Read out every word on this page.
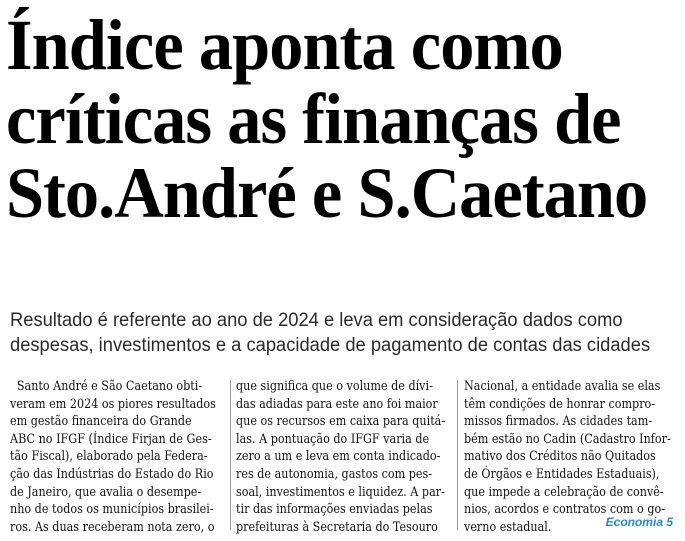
Índice aponta como
críticas as finanças de
Sto.André e S.Caetano
Resultado é referente ao ano de 2024 e leva em consideração dados como
despesas, investimentos e a capacidade de pagamento de contas das cidades
Santo André e São Caetano obti-
veram em 2024 os piores resultados
em gestão financeira do Grande
ABC no IFGF (Índice Firjan de Ges-
tão Fiscal), elaborado pela Federa-
ção das Indústrias do Estado do Rio
de Janeiro, que avalia o desempe-
nho de todos os municípios brasilei-
ros. As duas receberam nota zero, o
que significa que o volume de dívi-
das adiadas para este ano foi maior
que os recursos em caixa para quitá-
las. A pontuação do IFGF varia de
zero a um e leva em conta indicado-
res de autonomia, gastos com pes-
soal, investimentos e liquidez. A par-
tir das informações enviadas pelas
prefeituras à Secretaria do Tesouro
Nacional, a entidade avalia se elas
têm condições de honrar compro-
missos firmados. As cidades tam-
bém estão no Cadin (Cadastro Infor-
mativo dos Créditos não Quitados
de Órgãos e Entidades Estaduais),
que impede a celebração de convê-
nios, acordos e contratos com o go-
verno estadual.	Economia 5
